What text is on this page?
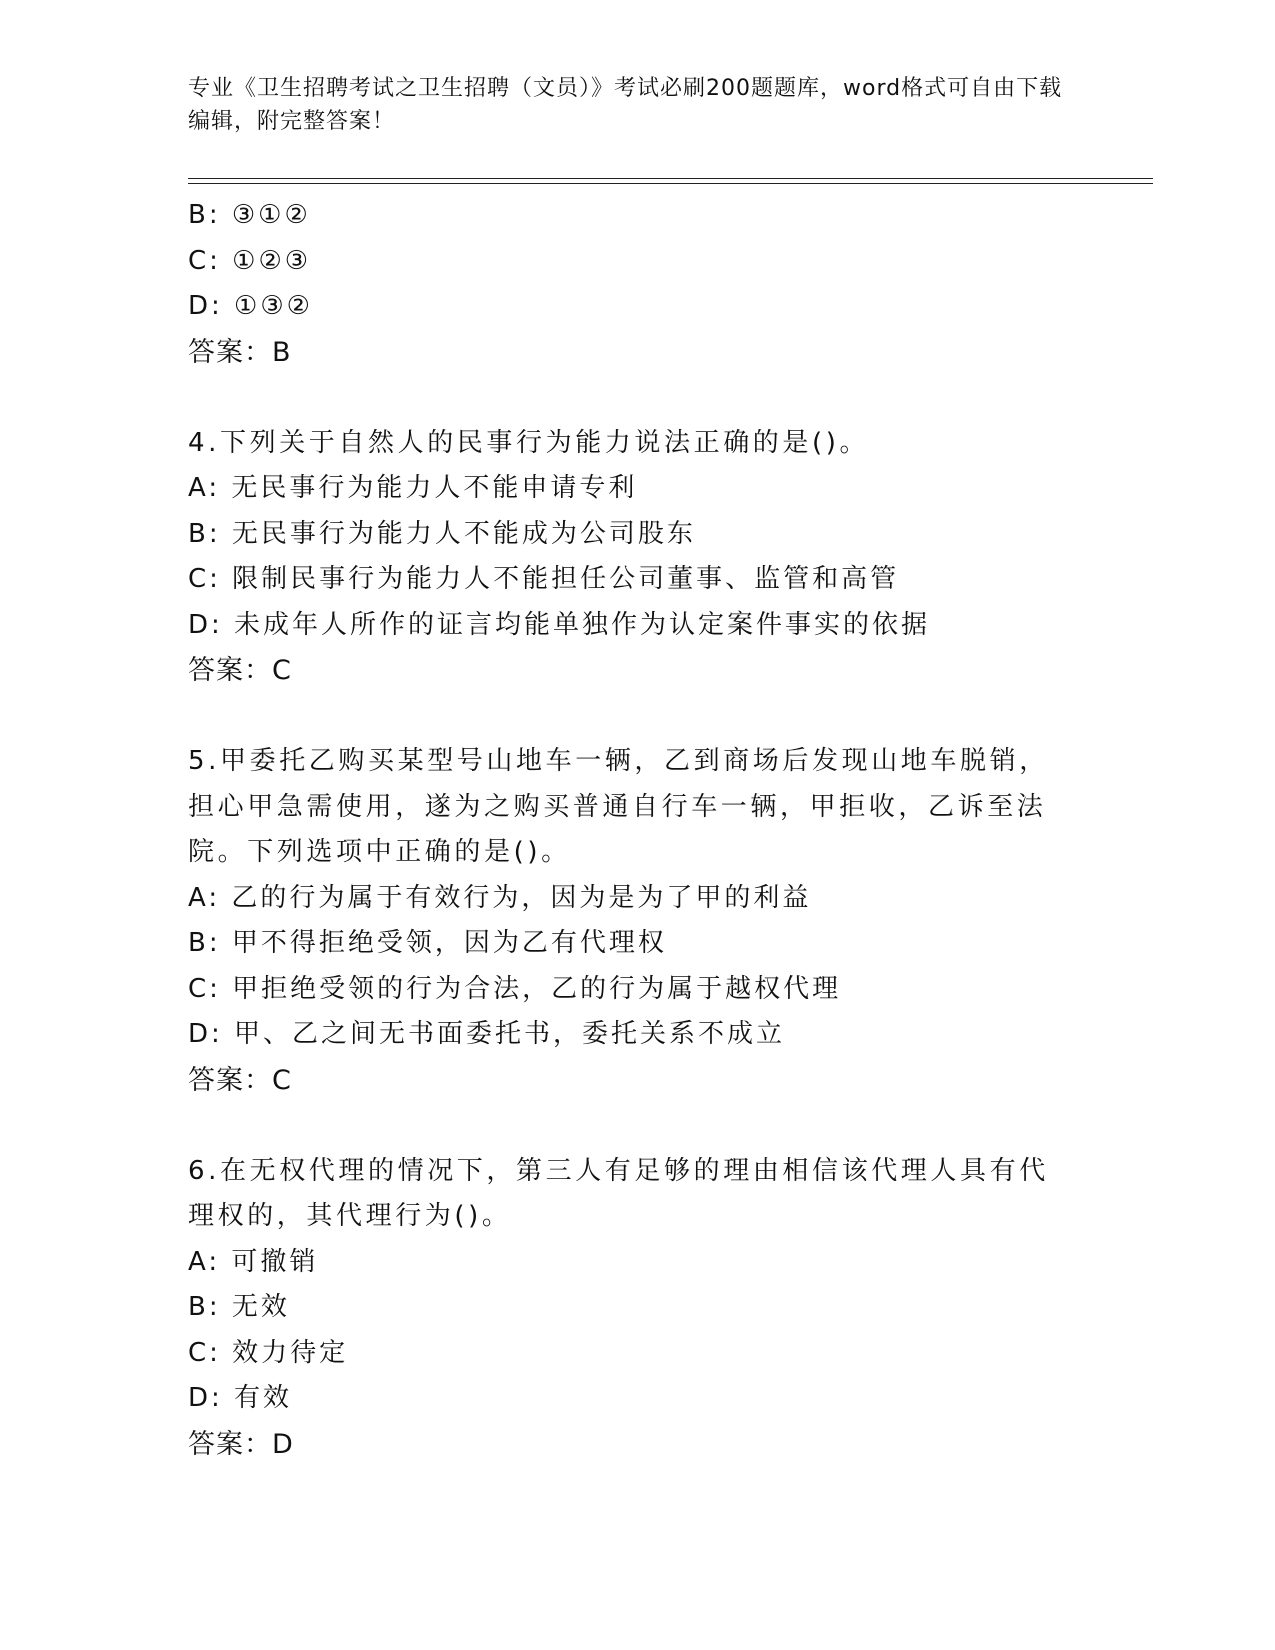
专业《卫生招聘考试之卫生招聘（文员）》考试必刷200题题库，word格式可自由下载编辑，附完整答案！
B: ③①②
C: ①②③
D: ①③②
答案：B
4.下列关于自然人的民事行为能力说法正确的是()。
A: 无民事行为能力人不能申请专利
B: 无民事行为能力人不能成为公司股东
C: 限制民事行为能力人不能担任公司董事、监管和高管
D: 未成年人所作的证言均能单独作为认定案件事实的依据
答案：C
5.甲委托乙购买某型号山地车一辆，乙到商场后发现山地车脱销，担心甲急需使用，遂为之购买普通自行车一辆，甲拒收，乙诉至法院。下列选项中正确的是()。
A: 乙的行为属于有效行为，因为是为了甲的利益
B: 甲不得拒绝受领，因为乙有代理权
C: 甲拒绝受领的行为合法，乙的行为属于越权代理
D: 甲、乙之间无书面委托书，委托关系不成立
答案：C
6.在无权代理的情况下，第三人有足够的理由相信该代理人具有代理权的，其代理行为()。
A: 可撤销
B: 无效
C: 效力待定
D: 有效
答案：D
